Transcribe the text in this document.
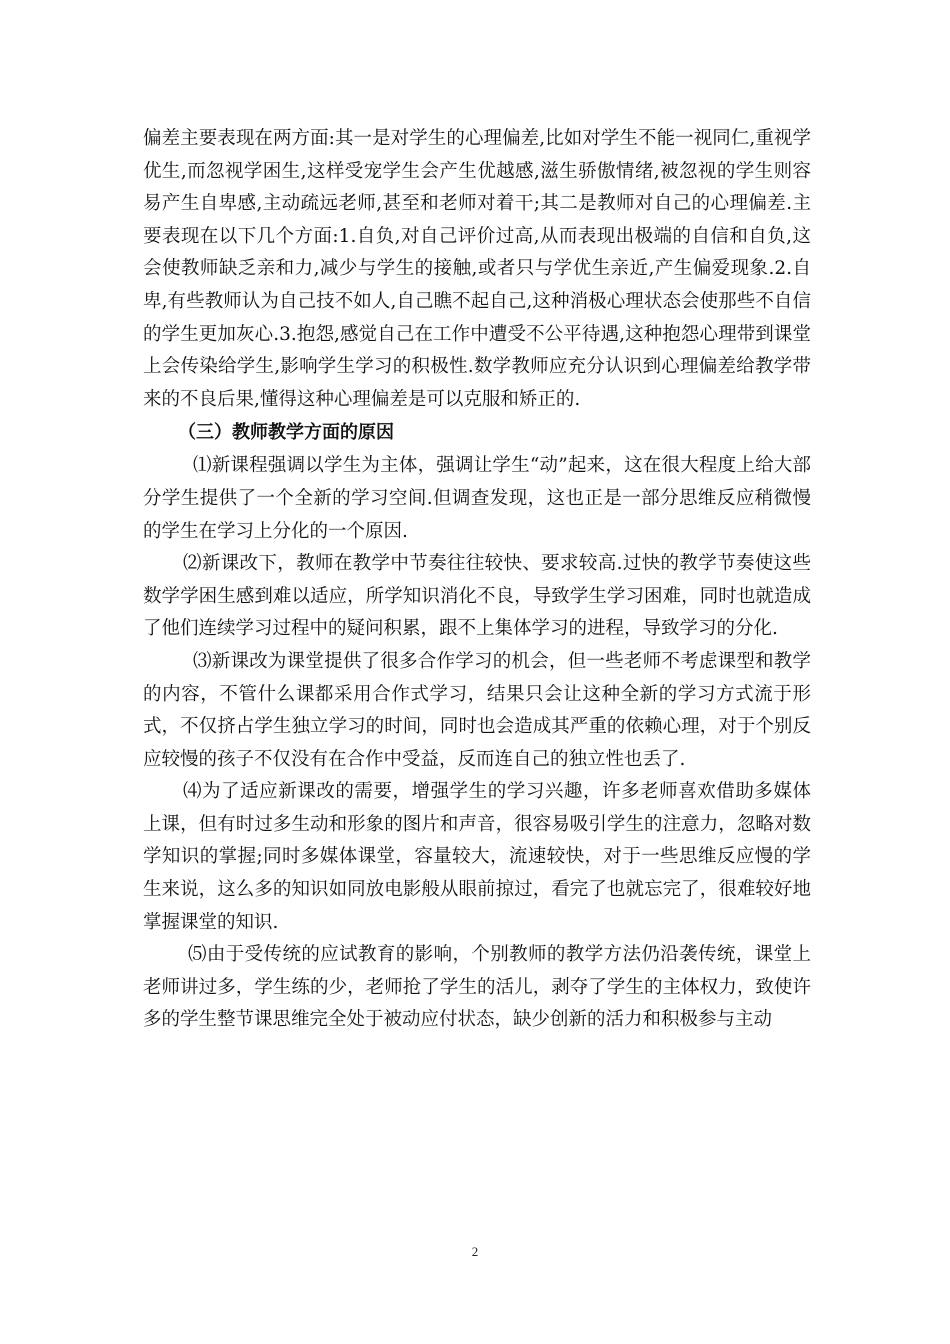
偏差主要表现在两方面:其一是对学生的心理偏差,比如对学生不能一视同仁,重视学优生,而忽视学困生,这样受宠学生会产生优越感,滋生骄傲情绪,被忽视的学生则容易产生自卑感,主动疏远老师,甚至和老师对着干;其二是教师对自己的心理偏差.主要表现在以下几个方面:1.自负,对自己评价过高,从而表现出极端的自信和自负,这会使教师缺乏亲和力,减少与学生的接触,或者只与学优生亲近,产生偏爱现象.2.自卑,有些教师认为自己技不如人,自己瞧不起自己,这种消极心理状态会使那些不自信的学生更加灰心.3.抱怨,感觉自己在工作中遭受不公平待遇,这种抱怨心理带到课堂上会传染给学生,影响学生学习的积极性.数学教师应充分认识到心理偏差给教学带来的不良后果,懂得这种心理偏差是可以克服和矫正的.

（三）教师教学方面的原因

⑴新课程强调以学生为主体，强调让学生“动”起来，这在很大程度上给大部分学生提供了一个全新的学习空间.但调查发现，这也正是一部分思维反应稍微慢的学生在学习上分化的一个原因.

⑵新课改下，教师在教学中节奏往往较快、要求较高.过快的教学节奏使这些数学学困生感到难以适应，所学知识消化不良，导致学生学习困难，同时也就造成了他们连续学习过程中的疑问积累，跟不上集体学习的进程，导致学习的分化.

⑶新课改为课堂提供了很多合作学习的机会，但一些老师不考虑课型和教学的内容，不管什么课都采用合作式学习，结果只会让这种全新的学习方式流于形式，不仅挤占学生独立学习的时间，同时也会造成其严重的依赖心理，对于个别反应较慢的孩子不仅没有在合作中受益，反而连自己的独立性也丢了.

⑷为了适应新课改的需要，增强学生的学习兴趣，许多老师喜欢借助多媒体上课，但有时过多生动和形象的图片和声音，很容易吸引学生的注意力，忽略对数学知识的掌握;同时多媒体课堂，容量较大，流速较快，对于一些思维反应慢的学生来说，这么多的知识如同放电影般从眼前掠过，看完了也就忘完了，很难较好地掌握课堂的知识.

⑸由于受传统的应试教育的影响，个别教师的教学方法仍沿袭传统，课堂上老师讲过多，学生练的少，老师抢了学生的活儿，剥夺了学生的主体权力，致使许多的学生整节课思维完全处于被动应付状态，缺少创新的活力和积极参与主动

2
